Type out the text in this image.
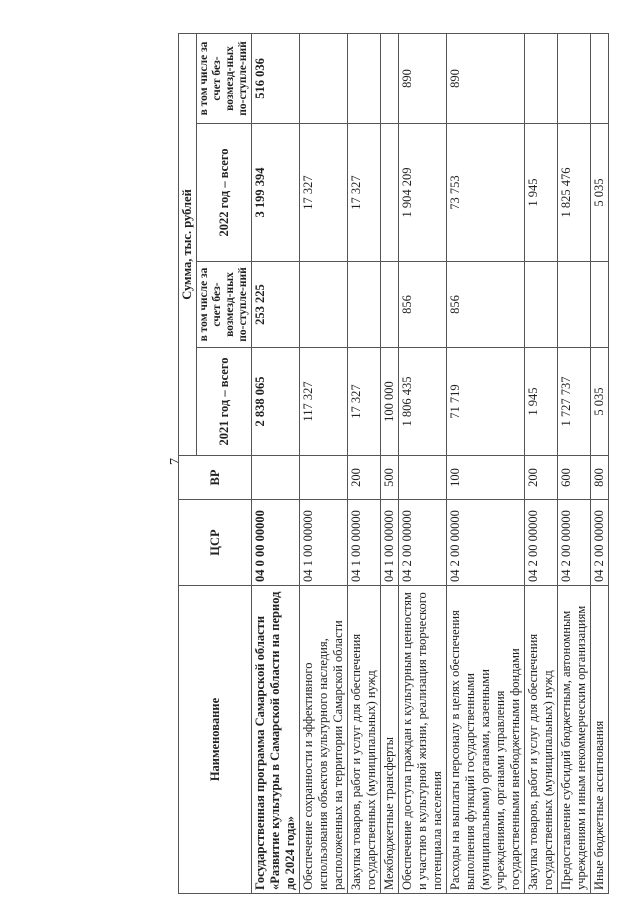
7
Наименование	ЦСР	ВР	Сумма, тыс. рублей			
			2021 год – всего	в том числе за счет без-возмезд-ных по-ступле-ний	2022 год – всего	в том числе за счет без-возмезд-ных по-ступле-ний
Государственная программа Самарской области «Развитие культуры в Самарской области на период до 2024 года»	04 0 00 00000		2 838 065	253 225	3 199 394	516 036
Обеспечение сохранности и эффективного использования объектов культурного наследия, расположенных на территории Самарской области	04 1 00 00000		117 327		17 327	
Закупка товаров, работ и услуг для обеспечения государственных (муниципальных) нужд	04 1 00 00000	200	17 327		17 327	
Межбюджетные трансферты	04 1 00 00000	500	100 000			
Обеспечение доступа граждан к культурным ценностям и участию в культурной жизни, реализация творческого потенциала населения	04 2 00 00000		1 806 435	856	1 904 209	890
Расходы на выплаты персоналу в целях обеспечения выполнения функций государственными (муниципальными) органами, казенными учреждениями, органами управления государственными внебюджетными фондами	04 2 00 00000	100	71 719	856	73 753	890
Закупка товаров, работ и услуг для обеспечения государственных (муниципальных) нужд	04 2 00 00000	200	1 945		1 945	
Предоставление субсидий бюджетным, автономным учреждениям и иным некоммерческим организациям	04 2 00 00000	600	1 727 737		1 825 476	
Иные бюджетные ассигнования	04 2 00 00000	800	5 035		5 035	
